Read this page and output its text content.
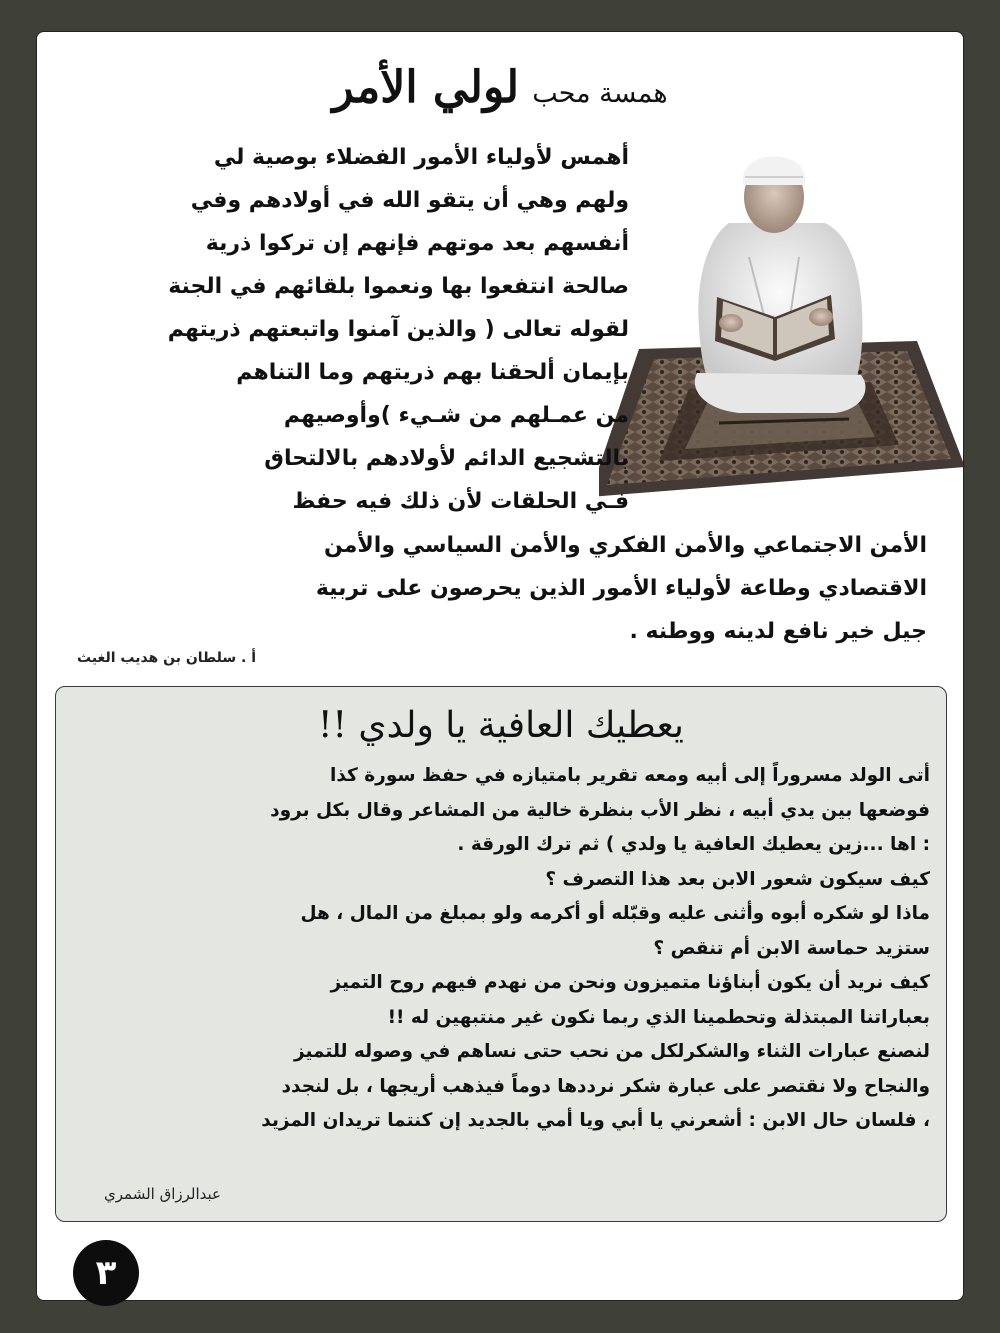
همسة محب لولي الأمر
أهمس لأولياء الأمور الفضلاء بوصية لي
ولهم وهي أن يتقو الله في أولادهم وفي
أنفسهم بعد موتهم فإنهم إن تركوا ذرية
صالحة انتفعوا بها ونعموا بلقائهم في الجنة
لقوله تعالى ( والذين آمنوا واتبعتهم ذريتهم
بإيمان ألحقنا بهم ذريتهم وما التناهم
من عمـلهم من شـيء )وأوصيهم
بالتشجيع الدائم لأولادهم بالالتحاق
فـي الحلقات لأن ذلك فيه حفظ
الأمن الاجتماعي والأمن الفكري والأمن السياسي والأمن
الاقتصادي وطاعة لأولياء الأمور الذين يحرصون على تربية
جيل خير نافع لدينه ووطنه .
أ . سلطان بن هديب الغيث
يعطيك العافية يا ولدي !!
أتى الولد مسروراً إلى أبيه ومعه تقرير بامتيازه في حفظ سورة كذا
فوضعها بين يدي أبيه ، نظر الأب بنظرة خالية من المشاعر وقال بكل برود
: اها ...زين يعطيك العافية يا ولدي ) ثم ترك الورقة .
كيف سيكون شعور الابن بعد هذا التصرف ؟
ماذا لو شكره أبوه وأثنى عليه وقبّله أو أكرمه ولو بمبلغ من المال ، هل
ستزيد حماسة الابن أم تنقص ؟
كيف نريد أن يكون أبناؤنا متميزون ونحن من نهدم فيهم روح التميز
بعباراتنا المبتذلة وتحطمينا الذي ربما نكون غير منتبهين له !!
لنصنع عبارات الثناء والشكرلكل من نحب حتى نساهم في وصوله للتميز
والنجاح ولا نقتصر على عبارة شكر نرددها دوماً فيذهب أريجها ، بل لنجدد
، فلسان حال الابن : أشعرني يا أبي ويا أمي بالجديد إن كنتما تريدان المزيد
عبدالرزاق الشمري
٣
